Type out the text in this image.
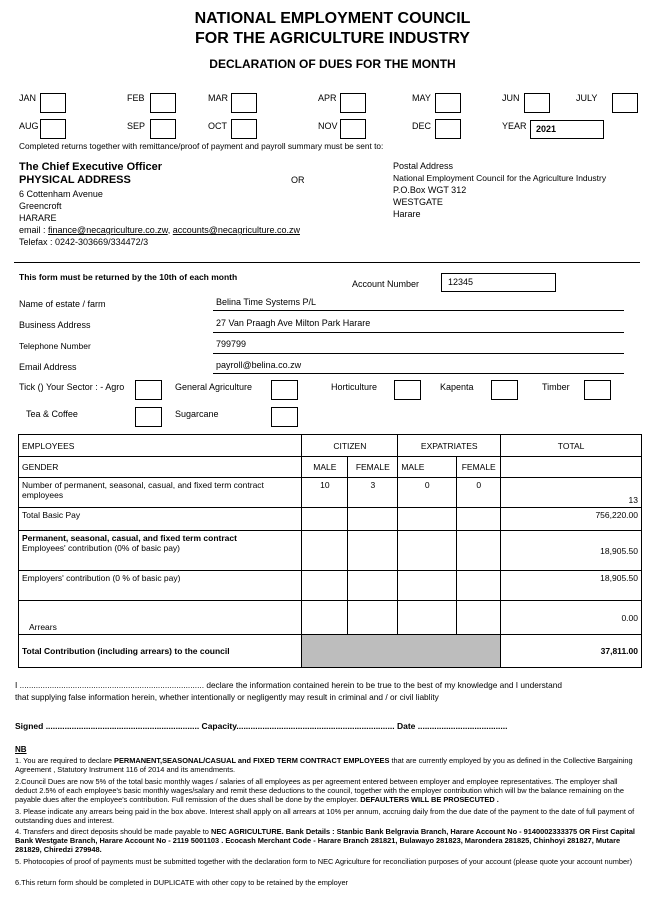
NATIONAL EMPLOYMENT COUNCIL
FOR THE AGRICULTURE INDUSTRY
DECLARATION OF DUES FOR THE MONTH
JAN	FEB	MAR	APR	MAY	JUN	JULY
AUG	SEP	OCT	NOV	DEC	YEAR	2021
Completed returns together with remittance/proof of payment and payroll summary must be sent to:
The Chief Executive Officer
PHYSICAL ADDRESS
6 Cottenham Avenue
Greencroft
HARARE
email : finance@necagriculture.co.zw, accounts@necagriculture.co.zw
Telefax : 0242-303669/334472/3
OR
Postal Address
National Employment Council for the Agriculture Industry
P.O.Box WGT 312
WESTGATE
Harare
This form must be returned by the 10th of each month
Account Number	12345
Name of estate / farm	Belina Time Systems P/L
Business Address	27 Van Praagh Ave Milton Park Harare
Telephone Number	799799
Email Address	payroll@belina.co.zw
Tick () Your Sector : - Agro	General Agriculture	Horticulture	Kapenta	Timber
Tea & Coffee	Sugarcane
EMPLOYEES	CITIZEN		EXPATRIATES		TOTAL
GENDER	MALE	FEMALE	MALE	FEMALE	
Number of permanent, seasonal, casual, and fixed term contract employees	10	3	0	0	13
Total Basic Pay					756,220.00

Permanent, seasonal, casual, and fixed term contract
Employees' contribution (0% of basic pay)					18,905.50
Employers' contribution (0 % of basic pay)					18,905.50
Arrears					0.00
Total Contribution (including arrears) to the council					37,811.00
I ................................................................................ declare the information contained herein to be true to the best of my knowledge and I understand
that supplying false information herein, whether intentionally or negligently may result in criminal and / or civil liablity
Signed ................................................................. Capacity................................................................... Date ......................................
NB
1. You are required to declare PERMANENT,SEASONAL/CASUAL and FIXED TERM CONTRACT EMPLOYEES that are currently employed by you as defined in the Collective Bargaining Agreement , Statutory Instrument 116 of 2014 and its amendments.
2.Council Dues are now 5% of the total basic monthly wages / salaries of all employees as per agreement entered between employer and employee representatives. The employer shall deduct 2.5% of each employee's basic monthly wages/salary and remit these deductions to the council, together with the employer contribution which will bw the balance remaining on the payable dues after the employee's contribution. Full remission of the dues shall be done by the employer. DEFAULTERS WILL BE PROSECUTED .
3. Please indicate any arrears being paid in the box above. Interest shall apply on all arrears at 10% per annum, accruing daily from the due date of the payment to the date of full payment of outstanding dues and interest.
4. Transfers and direct deposits should be made payable to NEC AGRICULTURE. Bank Details : Stanbic Bank Belgravia Branch, Harare Account No - 9140002333375 OR First Capital Bank Westgate Branch, Harare Account No - 2119 5001103 . Ecocash Merchant Code - Harare Branch 281821, Bulawayo 281823, Marondera 281825, Chinhoyi 281827, Mutare 281829, Chiredzi 279948.
5. Photocopies of proof of payments must be submitted together with the declaration form to NEC Agriculture for reconciliation purposes of your account (please quote your account number)
6.This return form should be completed in DUPLICATE with other copy to be retained by the employer
